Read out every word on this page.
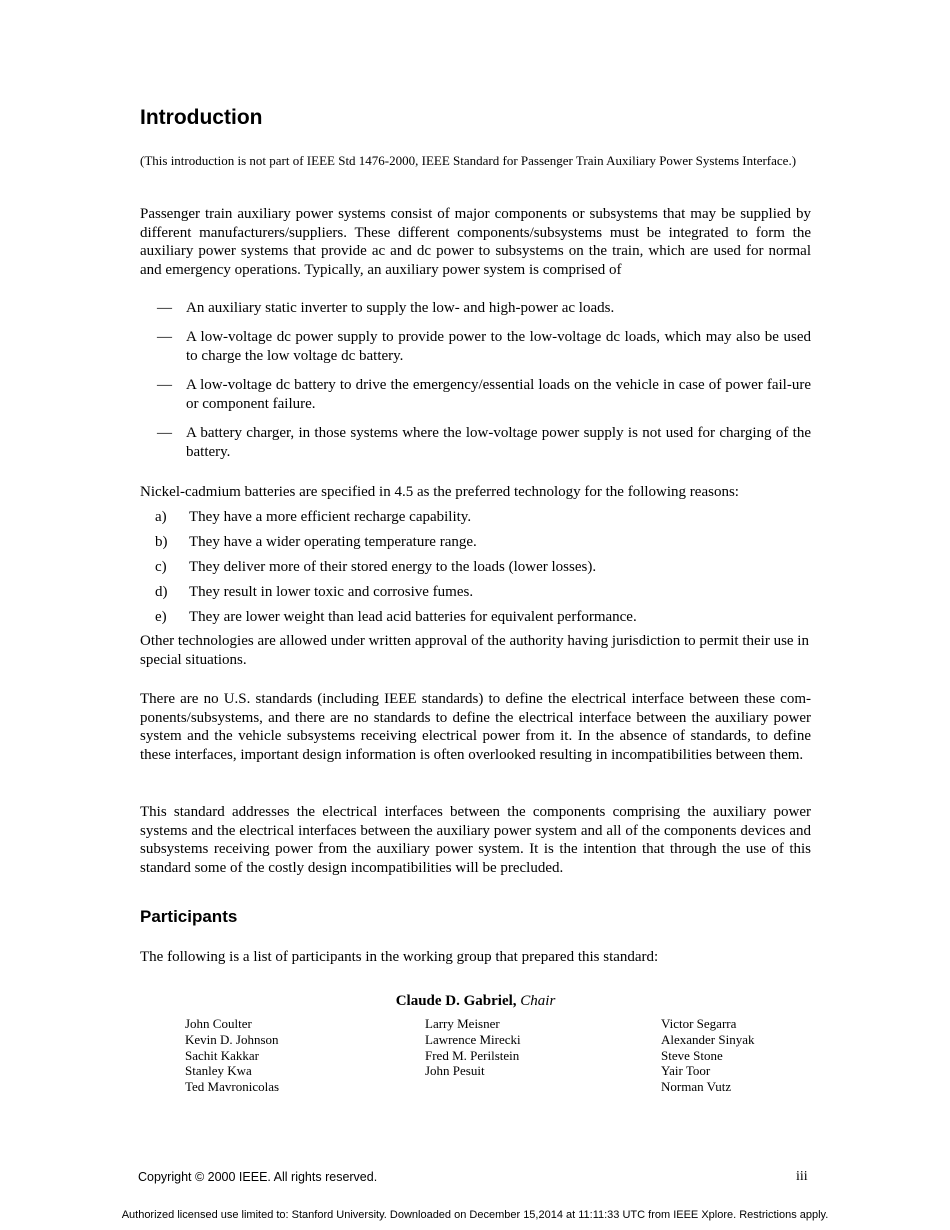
Introduction

(This introduction is not part of IEEE Std 1476-2000, IEEE Standard for Passenger Train Auxiliary Power Systems Interface.)

Passenger train auxiliary power systems consist of major components or subsystems that may be supplied by different manufacturers/suppliers. These different components/subsystems must be integrated to form the auxiliary power systems that provide ac and dc power to subsystems on the train, which are used for normal and emergency operations. Typically, an auxiliary power system is comprised of

— An auxiliary static inverter to supply the low- and high-power ac loads.
— A low-voltage dc power supply to provide power to the low-voltage dc loads, which may also be used to charge the low voltage dc battery.
— A low-voltage dc battery to drive the emergency/essential loads on the vehicle in case of power fail-ure or component failure.
— A battery charger, in those systems where the low-voltage power supply is not used for charging of the battery.

Nickel-cadmium batteries are specified in 4.5 as the preferred technology for the following reasons:

a) They have a more efficient recharge capability.
b) They have a wider operating temperature range.
c) They deliver more of their stored energy to the loads (lower losses).
d) They result in lower toxic and corrosive fumes.
e) They are lower weight than lead acid batteries for equivalent performance.

Other technologies are allowed under written approval of the authority having jurisdiction to permit their use in special situations.

There are no U.S. standards (including IEEE standards) to define the electrical interface between these com-ponents/subsystems, and there are no standards to define the electrical interface between the auxiliary power system and the vehicle subsystems receiving electrical power from it. In the absence of standards, to define these interfaces, important design information is often overlooked resulting in incompatibilities between them.

This standard addresses the electrical interfaces between the components comprising the auxiliary power systems and the electrical interfaces between the auxiliary power system and all of the components devices and subsystems receiving power from the auxiliary power system. It is the intention that through the use of this standard some of the costly design incompatibilities will be precluded.

Participants

The following is a list of participants in the working group that prepared this standard:

Claude D. Gabriel, Chair
John Coulter
Kevin D. Johnson
Sachit Kakkar
Stanley Kwa
Ted Mavronicolas
Larry Meisner
Lawrence Mirecki
Fred M. Perilstein
John Pesuit
Victor Segarra
Alexander Sinyak
Steve Stone
Yair Toor
Norman Vutz
Copyright © 2000 IEEE. All rights reserved.	iii
Authorized licensed use limited to: Stanford University. Downloaded on December 15,2014 at 11:11:33 UTC from IEEE Xplore. Restrictions apply.
